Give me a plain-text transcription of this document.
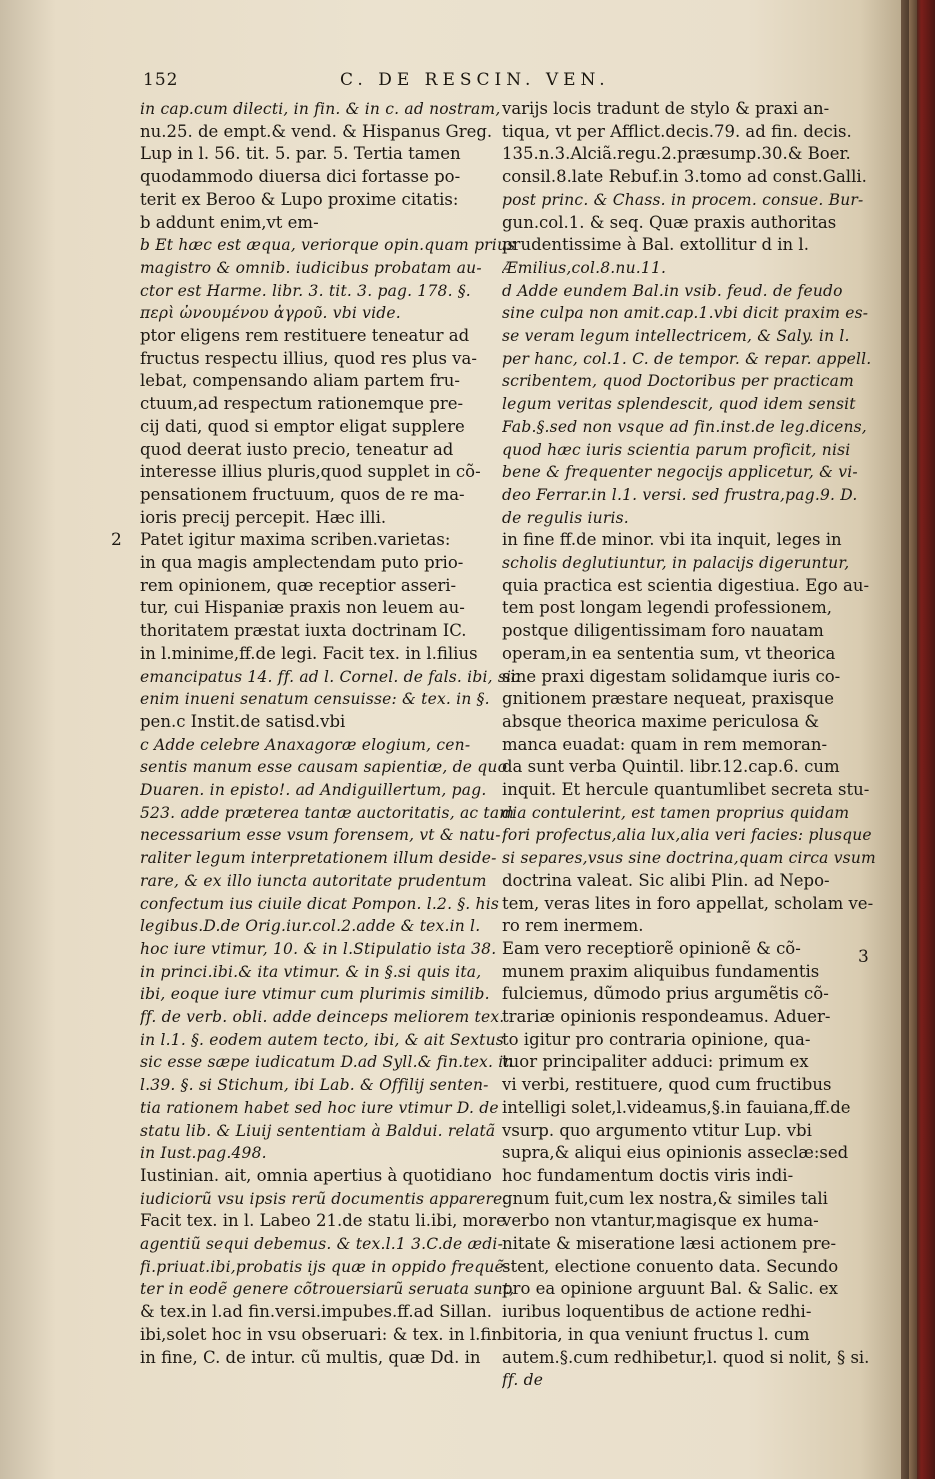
152	C. DE RESCIN. VEN.
in cap.cum dilecti, in fin. & in c. ad nostram,
nu.25. de empt.& vend. & Hispanus Greg.
Lup in l. 56. tit. 5. par. 5. Tertia tamen
quodammodo diuersa dici fortasse po-
terit ex Beroo & Lupo proxime citatis:
b addunt enim,vt em-
b Et hæc est æqua, veriorque opin.quam prius
magistro & omnib. iudicibus probatam au-
ctor est Harme. libr. 3. tit. 3. pag. 178. §.
περὶ ὠνουμένου ἀγροῦ. vbi vide.
ptor eligens rem restituere teneatur ad
fructus respectu illius, quod res plus va-
lebat, compensando aliam partem fru-
ctuum,ad respectum rationemque pre-
cij dati, quod si emptor eligat supplere
quod deerat iusto precio, teneatur ad
interesse illius pluris,quod supplet in cõ-
pensationem fructuum, quos de re ma-
ioris precij percepit. Hæc illi.
Patet igitur maxima scriben.varietas:
in qua magis amplectendam puto prio-
rem opinionem, quæ receptior asseri-
tur, cui Hispaniæ praxis non leuem au-
thoritatem præstat iuxta doctrinam IC.
in l.minime,ff.de legi. Facit tex. in l.filius
emancipatus 14. ff. ad l. Cornel. de fals. ibi, sic
enim inueni senatum censuisse: & tex. in §.
pen.c Instit.de satisd.vbi
c Adde celebre Anaxagoræ elogium, cen-
sentis manum esse causam sapientiæ, de quo
Duaren. in episto!. ad Andiguillertum, pag.
523. adde præterea tantæ auctoritatis, ac tam
necessarium esse vsum forensem, vt & natu-
raliter legum interpretationem illum deside-
rare, & ex illo iuncta autoritate prudentum
confectum ius ciuile dicat Pompon. l.2. §. his
legibus.D.de Orig.iur.col.2.adde & tex.in l.
hoc iure vtimur, 10. & in l.Stipulatio ista 38.
in princi.ibi.& ita vtimur. & in §.si quis ita,
ibi, eoque iure vtimur cum plurimis similib.
ff. de verb. obli. adde deinceps meliorem tex.
in l.1. §. eodem autem tecto, ibi, & ait Sextus
sic esse sæpe iudicatum D.ad Syll.& fin.tex. in
l.39. §. si Stichum, ibi Lab. & Offilij senten-
tia rationem habet sed hoc iure vtimur D. de
statu lib. & Liuij sententiam à Baldui. relatã
in Iust.pag.498.
Iustinian. ait, omnia apertius à quotidiano
iudiciorũ vsu ipsis rerũ documentis apparere.
Facit tex. in l. Labeo 21.de statu li.ibi, more
agentiũ sequi debemus. & tex.l.1 3.C.de ædi-
fi.priuat.ibi,probatis ijs quæ in oppido frequẽ-
ter in eodẽ genere cõtrouersiarũ seruata sunt,
& tex.in l.ad fin.versi.impubes.ff.ad Sillan.
ibi,solet hoc in vsu obseruari: & tex. in l.fin.
in fine, C. de intur. cũ multis, quæ Dd. in
varijs locis tradunt de stylo & praxi an-
tiqua, vt per Afflict.decis.79. ad fin. decis.
135.n.3.Alciã.regu.2.præsump.30.& Boer.
consil.8.late Rebuf.in 3.tomo ad const.Galli.
post princ. & Chass. in procem. consue. Bur-
gun.col.1. & seq. Quæ praxis authoritas
prudentissime à Bal. extollitur d in l.
Æmilius,col.8.nu.11.
d Adde eundem Bal.in vsib. feud. de feudo
sine culpa non amit.cap.1.vbi dicit praxim es-
se veram legum intellectricem, & Saly. in l.
per hanc, col.1. C. de tempor. & repar. appell.
scribentem, quod Doctoribus per practicam
legum veritas splendescit, quod idem sensit
Fab.§.sed non vsque ad fin.inst.de leg.dicens,
quod hæc iuris scientia parum proficit, nisi
bene & frequenter negocijs applicetur, & vi-
deo Ferrar.in l.1. versi. sed frustra,pag.9. D.
de regulis iuris.
in fine ff.de minor. vbi ita inquit, leges in
scholis deglutiuntur, in palacijs digeruntur,
quia practica est scientia digestiua. Ego au-
tem post longam legendi professionem,
postque diligentissimam foro nauatam
operam,in ea sententia sum, vt theorica
sine praxi digestam solidamque iuris co-
gnitionem præstare nequeat, praxisque
absque theorica maxime periculosa &
manca euadat: quam in rem memoran-
da sunt verba Quintil. libr.12.cap.6. cum
inquit. Et hercule quantumlibet secreta stu-
dia contulerint, est tamen proprius quidam
fori profectus,alia lux,alia veri facies: plusque
si separes,vsus sine doctrina,quam circa vsum
doctrina valeat. Sic alibi Plin. ad Nepo-
tem, veras lites in foro appellat, scholam ve-
ro rem inermem.
Eam vero receptiorẽ opinionẽ & cõ-
munem praxim aliquibus fundamentis
fulciemus, dũmodo prius argumẽtis cõ-
trariæ opinionis respondeamus. Aduer-
to igitur pro contraria opinione, qua-
tuor principaliter adduci: primum ex
vi verbi, restituere, quod cum fructibus
intelligi solet,l.videamus,§.in fauiana,ff.de
vsurp. quo argumento vtitur Lup. vbi
supra,& aliqui eius opinionis asseclæ:sed
hoc fundamentum doctis viris indi-
gnum fuit,cum lex nostra,& similes tali
verbo non vtantur,magisque ex huma-
nitate & miseratione læsi actionem pre-
stent, electione conuento data. Secundo
pro ea opinione arguunt Bal. & Salic. ex
iuribus loquentibus de actione redhi-
bitoria, in qua veniunt fructus l. cum
autem.§.cum redhibetur,l. quod si nolit, § si.
ff. de
2
3
